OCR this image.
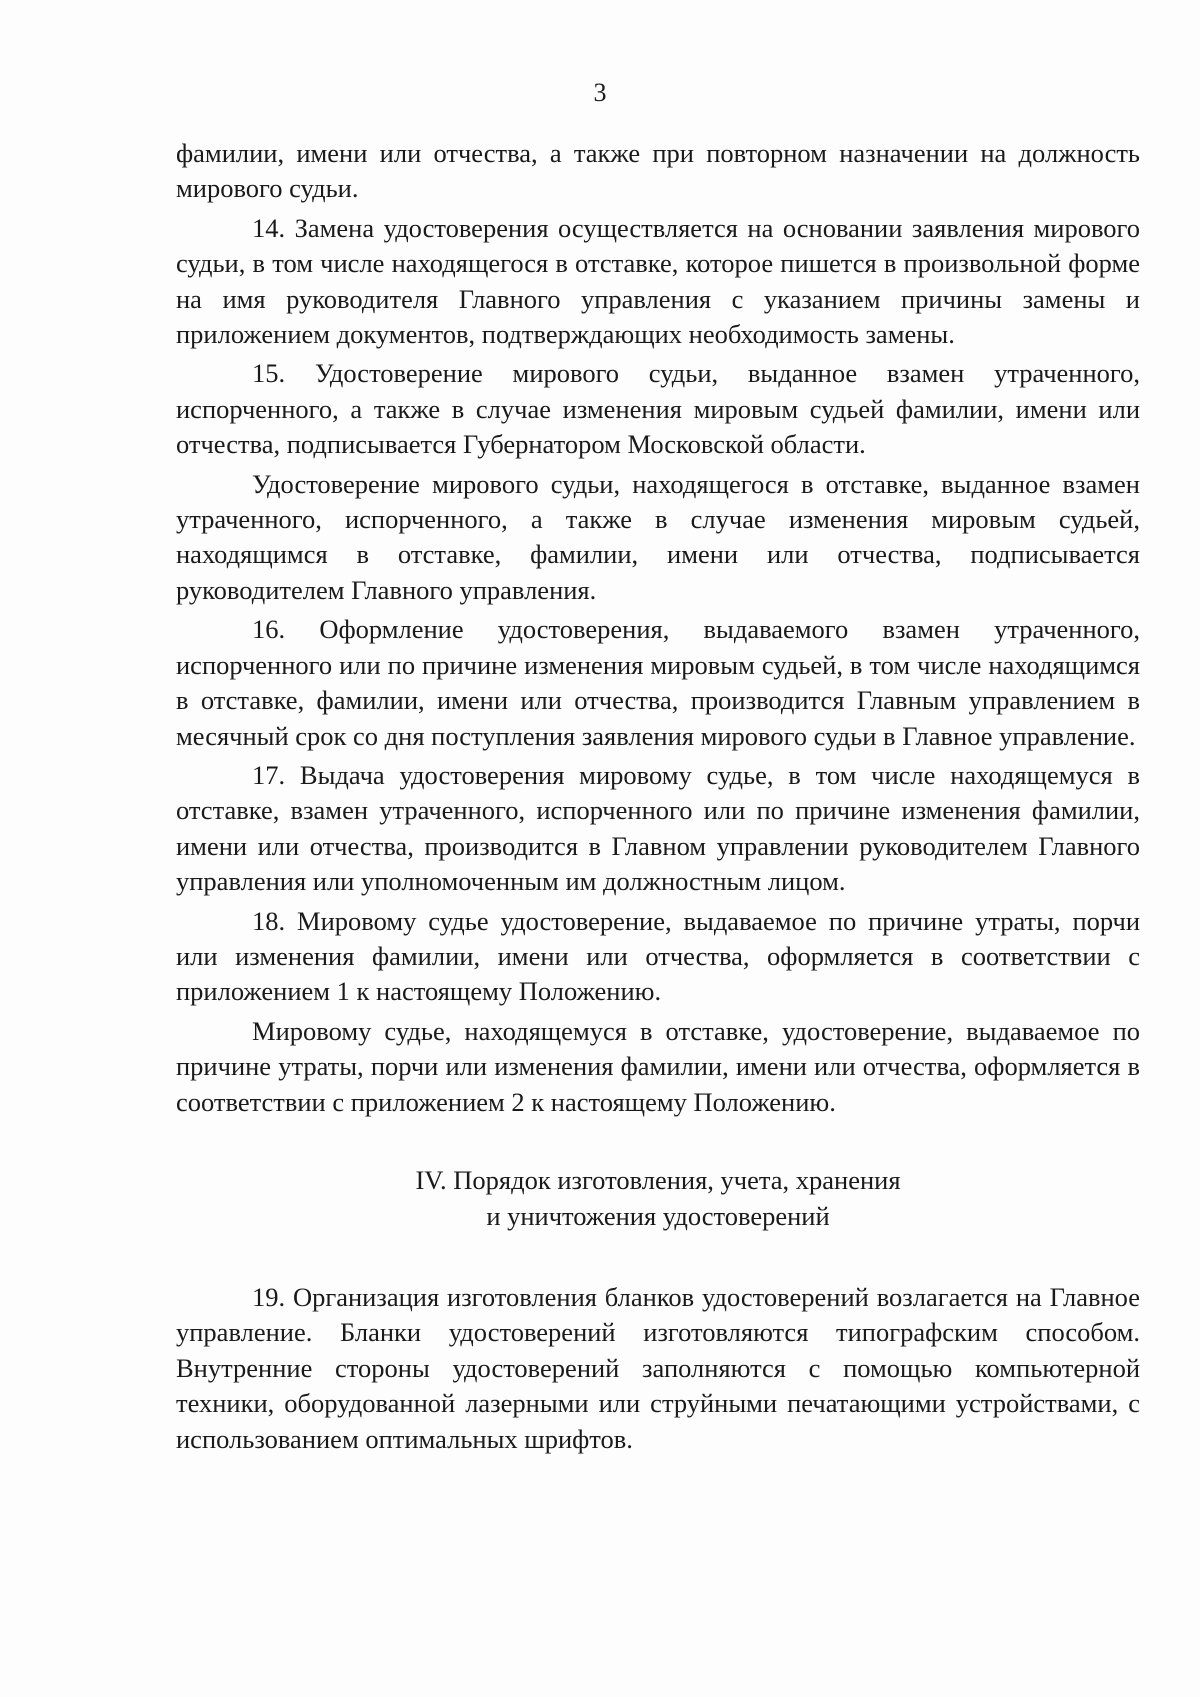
3

фамилии, имени или отчества, а также при повторном назначении на должность мирового судьи.

14. Замена удостоверения осуществляется на основании заявления мирового судьи, в том числе находящегося в отставке, которое пишется в произвольной форме на имя руководителя Главного управления с указанием причины замены и приложением документов, подтверждающих необходимость замены.

15. Удостоверение мирового судьи, выданное взамен утраченного, испорченного, а также в случае изменения мировым судьей фамилии, имени или отчества, подписывается Губернатором Московской области.

Удостоверение мирового судьи, находящегося в отставке, выданное взамен утраченного, испорченного, а также в случае изменения мировым судьей, находящимся в отставке, фамилии, имени или отчества, подписывается руководителем Главного управления.

16. Оформление удостоверения, выдаваемого взамен утраченного, испорченного или по причине изменения мировым судьей, в том числе находящимся в отставке, фамилии, имени или отчества, производится Главным управлением в месячный срок со дня поступления заявления мирового судьи в Главное управление.

17. Выдача удостоверения мировому судье, в том числе находящемуся в отставке, взамен утраченного, испорченного или по причине изменения фамилии, имени или отчества, производится в Главном управлении руководителем Главного управления или уполномоченным им должностным лицом.

18. Мировому судье удостоверение, выдаваемое по причине утраты, порчи или изменения фамилии, имени или отчества, оформляется в соответствии с приложением 1 к настоящему Положению.

Мировому судье, находящемуся в отставке, удостоверение, выдаваемое по причине утраты, порчи или изменения фамилии, имени или отчества, оформляется в соответствии с приложением 2 к настоящему Положению.

IV. Порядок изготовления, учета, хранения
и уничтожения удостоверений

19. Организация изготовления бланков удостоверений возлагается на Главное управление. Бланки удостоверений изготовляются типографским способом. Внутренние стороны удостоверений заполняются с помощью компьютерной техники, оборудованной лазерными или струйными печатающими устройствами, с использованием оптимальных шрифтов.
